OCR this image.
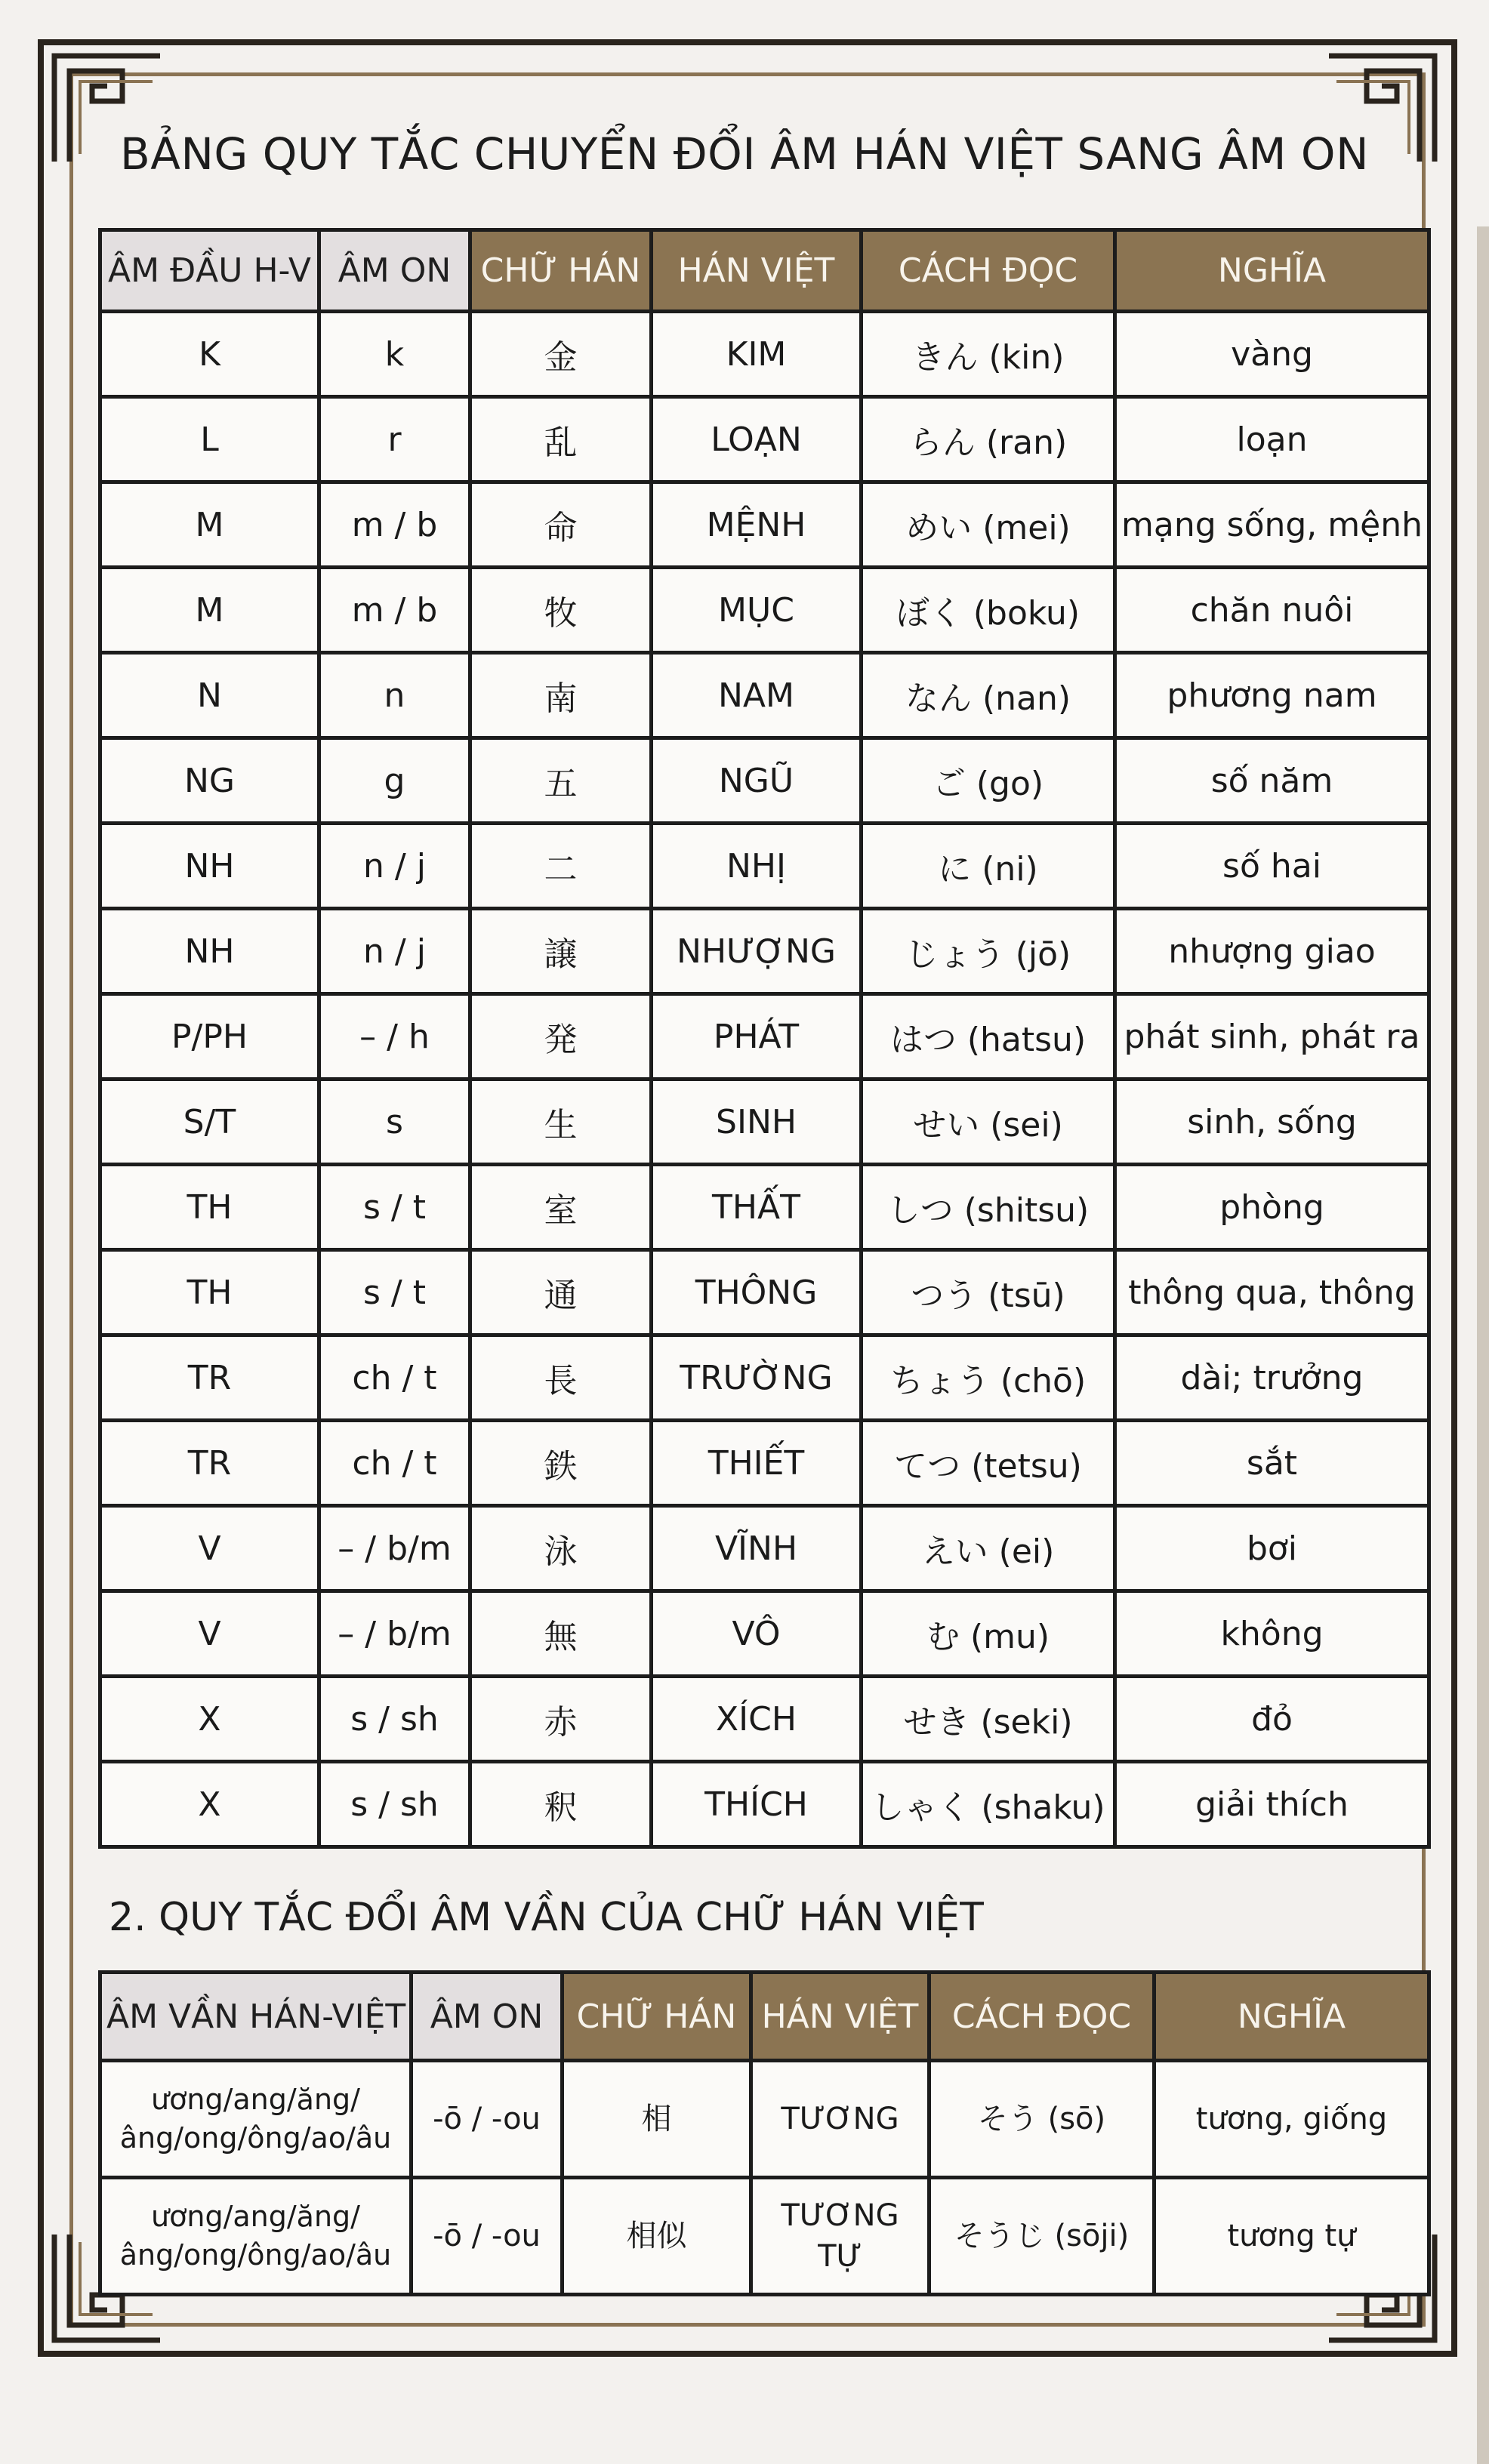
BẢNG QUY TẮC CHUYỂN ĐỔI ÂM HÁN VIỆT SANG ÂM ON
ÂM ĐẦU H-V	ÂM ON	CHỮ HÁN	HÁN VIỆT	CÁCH ĐỌC	NGHĨA
K	k	金	KIM	きん (kin)	vàng
L	r	乱	LOẠN	らん (ran)	loạn
M	m / b	命	MỆNH	めい (mei)	mạng sống, mệnh
M	m / b	牧	MỤC	ぼく (boku)	chăn nuôi
N	n	南	NAM	なん (nan)	phương nam
NG	g	五	NGŨ	ご (go)	số năm
NH	n / j	二	NHỊ	に (ni)	số hai
NH	n / j	譲	NHƯỢNG	じょう (jō)	nhượng giao
P/PH	– / h	発	PHÁT	はつ (hatsu)	phát sinh, phát ra
S/T	s	生	SINH	せい (sei)	sinh, sống
TH	s / t	室	THẤT	しつ (shitsu)	phòng
TH	s / t	通	THÔNG	つう (tsū)	thông qua, thông
TR	ch / t	長	TRƯỜNG	ちょう (chō)	dài; trưởng
TR	ch / t	鉄	THIẾT	てつ (tetsu)	sắt
V	– / b/m	泳	VĨNH	えい (ei)	bơi
V	– / b/m	無	VÔ	む (mu)	không
X	s / sh	赤	XÍCH	せき (seki)	đỏ
X	s / sh	釈	THÍCH	しゃく (shaku)	giải thích
2. QUY TẮC ĐỔI ÂM VẦN CỦA CHỮ HÁN VIỆT
ÂM VẦN HÁN-VIỆT	ÂM ON	CHỮ HÁN	HÁN VIỆT	CÁCH ĐỌC	NGHĨA
ương/ang/ăng/
âng/ong/ông/ao/âu	-ō / -ou	相	TƯƠNG	そう (sō)	tương, giống
ương/ang/ăng/
âng/ong/ông/ao/âu	-ō / -ou	相似	TƯƠNG TỰ	そうじ (sōji)	tương tự
